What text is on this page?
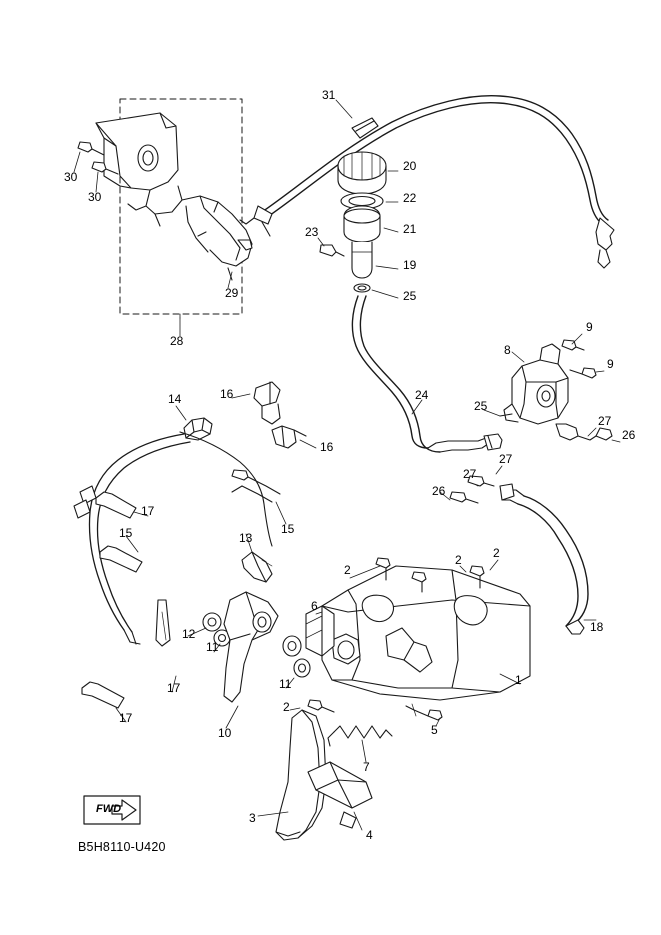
31
20
22
21
23
19
25
30
30
29
28
9
8
9
24
16
14	25
27
26
16
27
27
26
17
15
15	13
2
2	2
18
6
12
11
11	1
17
2
10	5
7
17
3
4
FWD
B5H8110-U420
